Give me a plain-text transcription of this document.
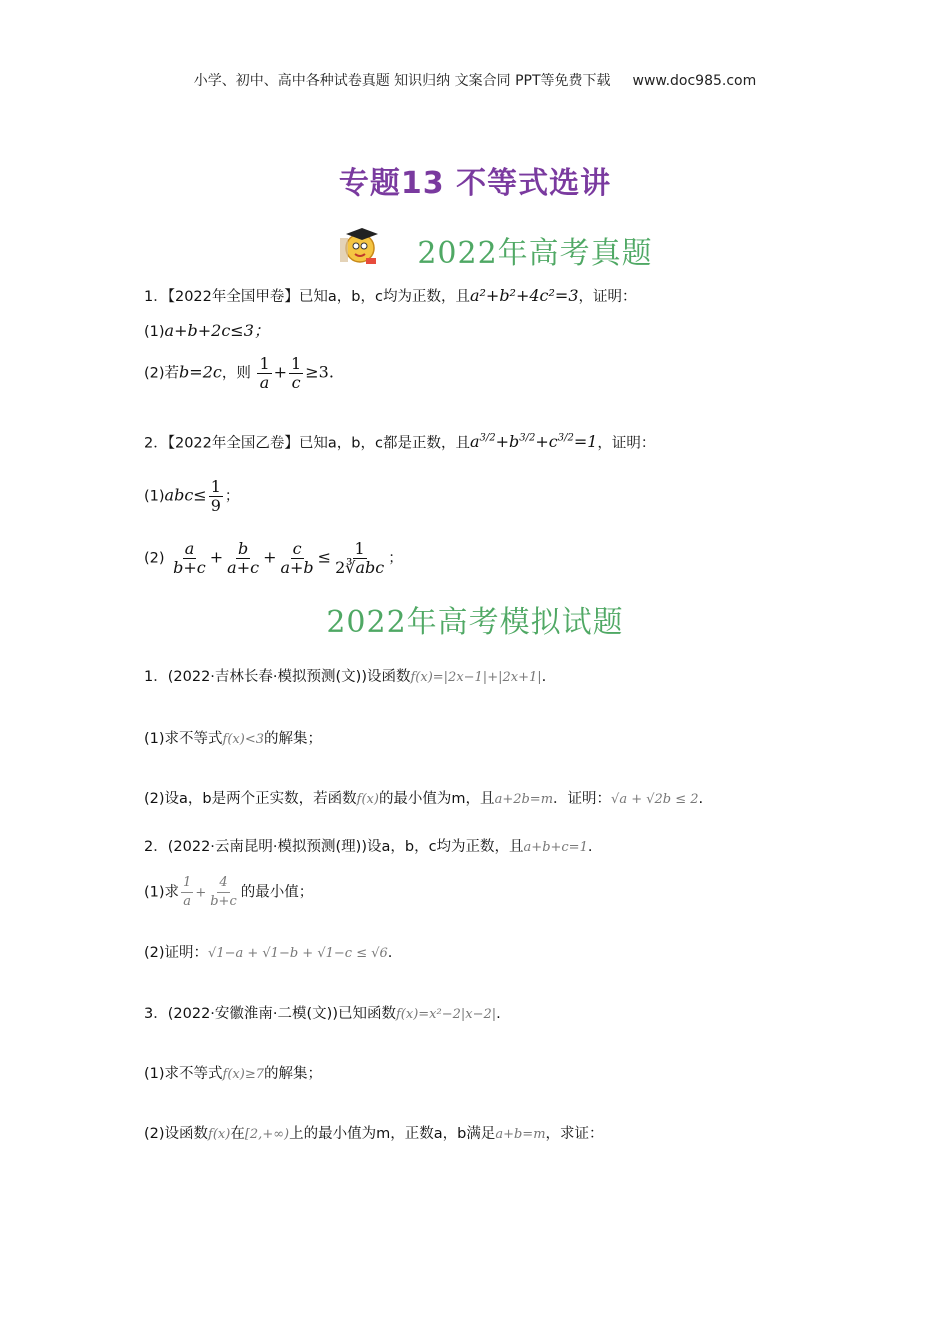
小学、初中、高中各种试卷真题 知识归纳 文案合同 PPT等免费下载 www.doc985.com
专题13 不等式选讲
2022年高考真题
1．【2022年全国甲卷】已知a，b，c均为正数，且a²+b²+4c²=3，证明：
(1)a+b+2c≤3；
(2)若b=2c，则 $\frac{1}{a} + \frac{1}{c} \ge 3$.
2．【2022年全国乙卷】已知a，b，c都是正数，且$a^{3/2}+b^{3/2}+c^{3/2}=1$，证明：
$(1)abc\le \frac{1}{9}$ ；
$(2) \frac{a}{b+c} + \frac{b}{a+c} + \frac{c}{a+b} \le \frac{1}{\text{2∛abc}}$ ；
2022年高考模拟试题
1．(2022·吉林长春·模拟预测(文))设函数f(x)=|2x−1|+|2x+1|.
(1)求不等式f(x)<3的解集；
(2)设a，b是两个正实数，若函数f(x)的最小值为m，且a+2b=m．证明：√a + √2b ≤ 2.
2．(2022·云南昆明·模拟预测(理))设a，b，c均为正数，且a+b+c=1.
(1)求 $\frac{1}{a} + \frac{4}{b+c}$ 的最小值；
(2)证明：√1−a + √1−b + √1−c ≤ √6.
3．(2022·安徽淮南·二模(文))已知函数f(x)=x²−2|x−2|.
(1)求不等式f(x)≥7的解集；
(2)设函数f(x)在[2,+∞)上的最小值为m，正数a，b满足a+b=m，求证：
